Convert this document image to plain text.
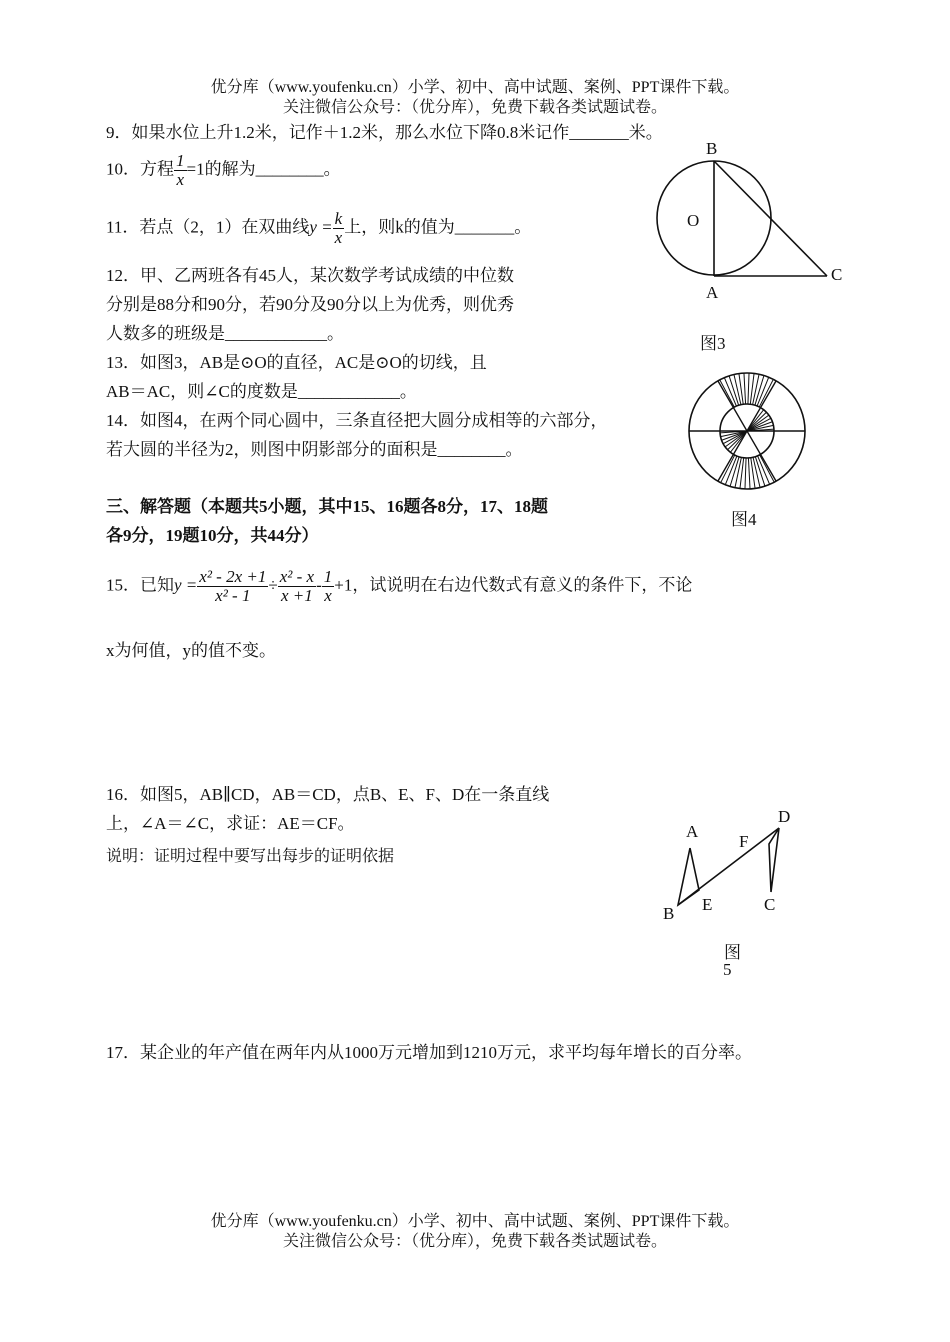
优分库（www.youfenku.cn）小学、初中、高中试题、案例、PPT课件下载。
关注微信公众号：（优分库），免费下载各类试题试卷。
9．如果水位上升1.2米，记作＋1.2米，那么水位下降0.8米记作_______米。
10．方程 $\frac{1}{x} =1$的解为________。
11．若点（2，1）在双曲线$y = \frac{k}{x}$ 上，则k的值为_______。
12．甲、乙两班各有45人，某次数学考试成绩的中位数
分别是88分和90分，若90分及90分以上为优秀，则优秀
人数多的班级是____________。
13．如图3，AB是⊙O的直径，AC是⊙O的切线，且
AB＝AC，则∠C的度数是____________。
14．如图4，在两个同心圆中，三条直径把大圆分成相等的六部分，
若大圆的半径为2，则图中阴影部分的面积是________。
三、解答题（本题共5小题，其中15、16题各8分，17、18题
各9分，19题10分，共44分）
15．已知$y = \frac{\text{x² - 2x +1}}{\text{x² - 1}} \div \frac{\text{x² - x}}{x +1} - \frac{1}{x} +1$，试说明在右边代数式有意义的条件下，不论
x为何值，y的值不变。
16．如图5，AB∥CD，AB＝CD，点B、E、F、D在一条直线
上，∠A＝∠C，求证：AE＝CF。
说明：证明过程中要写出每步的证明依据
17．某企业的年产值在两年内从1000万元增加到1210万元，求平均每年增长的百分率。
B
O
A
C
图3
图4
A
B E
F
D
C
图
5
优分库（www.youfenku.cn）小学、初中、高中试题、案例、PPT课件下载。
关注微信公众号：（优分库），免费下载各类试题试卷。
